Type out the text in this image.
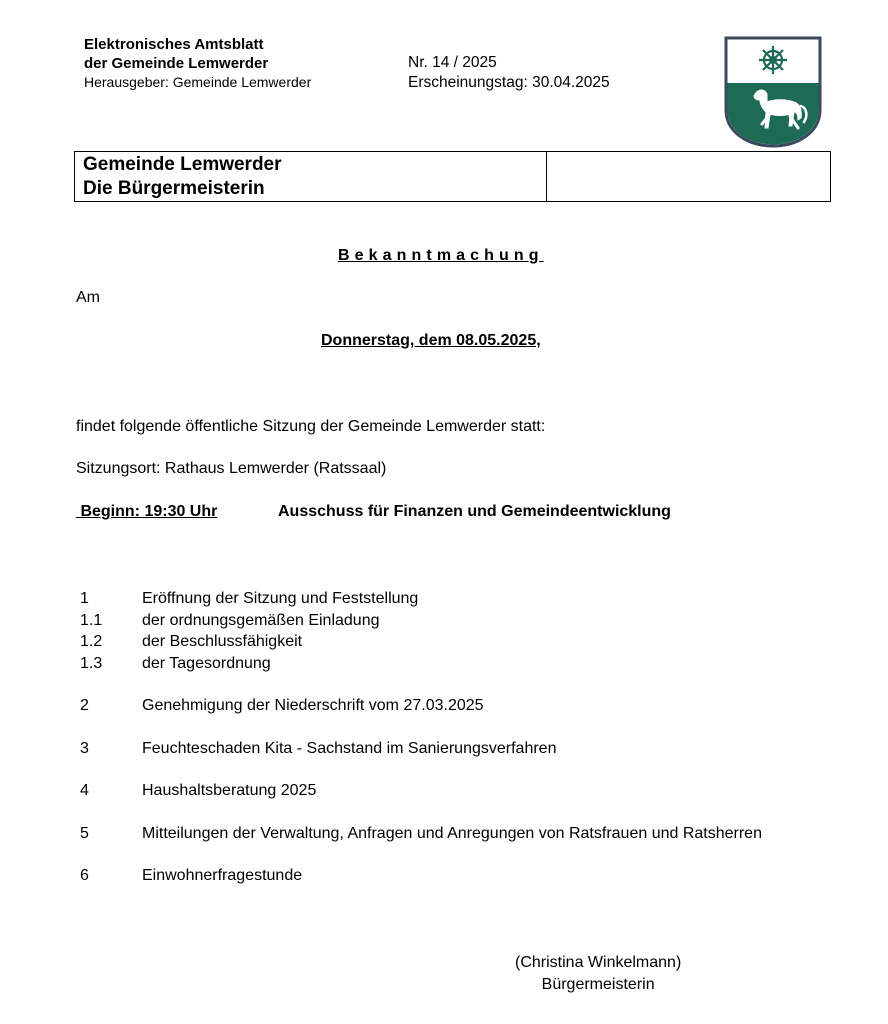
Elektronisches Amtsblatt
der Gemeinde Lemwerder
Herausgeber: Gemeinde Lemwerder
Nr. 14 / 2025
Erscheinungstag: 30.04.2025
Gemeinde Lemwerder
Die Bürgermeisterin
Bekanntmachung
Am
Donnerstag, dem 08.05.2025,
findet folgende öffentliche Sitzung der Gemeinde Lemwerder statt:
Sitzungsort: Rathaus Lemwerder (Ratssaal)
Beginn: 19:30 Uhr	Ausschuss für Finanzen und Gemeindeentwicklung
1	Eröffnung der Sitzung und Feststellung
1.1	der ordnungsgemäßen Einladung
1.2	der Beschlussfähigkeit
1.3	der Tagesordnung
2	Genehmigung der Niederschrift vom 27.03.2025
3	Feuchteschaden Kita - Sachstand im Sanierungsverfahren
4	Haushaltsberatung 2025
5	Mitteilungen der Verwaltung, Anfragen und Anregungen von Ratsfrauen und Ratsherren
6	Einwohnerfragestunde
(Christina Winkelmann)
Bürgermeisterin
